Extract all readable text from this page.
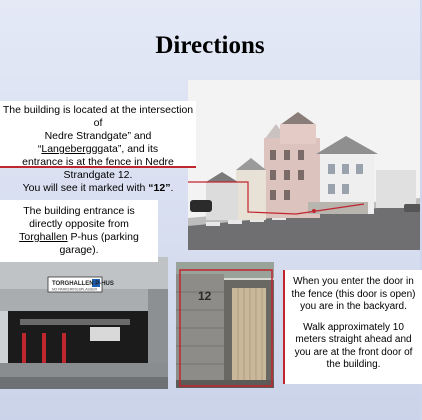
Directions
TORGHALLEN P-HUS
NO PARKERINGSPLASSER	12

The building is located at the intersection of

Nedre Strandgate” and “Langebergggata”, and its

entrance is at the fence in Nedre Strandgate 12.

You will see it marked with “12”.

The building entrance is

directly opposite from

Torghallen P-hus (parking

garage).

When you enter the door in

the fence (this door is open)

you are in the backyard.

Walk approximately 10

meters straight ahead and

you are at the front door of

the building.
